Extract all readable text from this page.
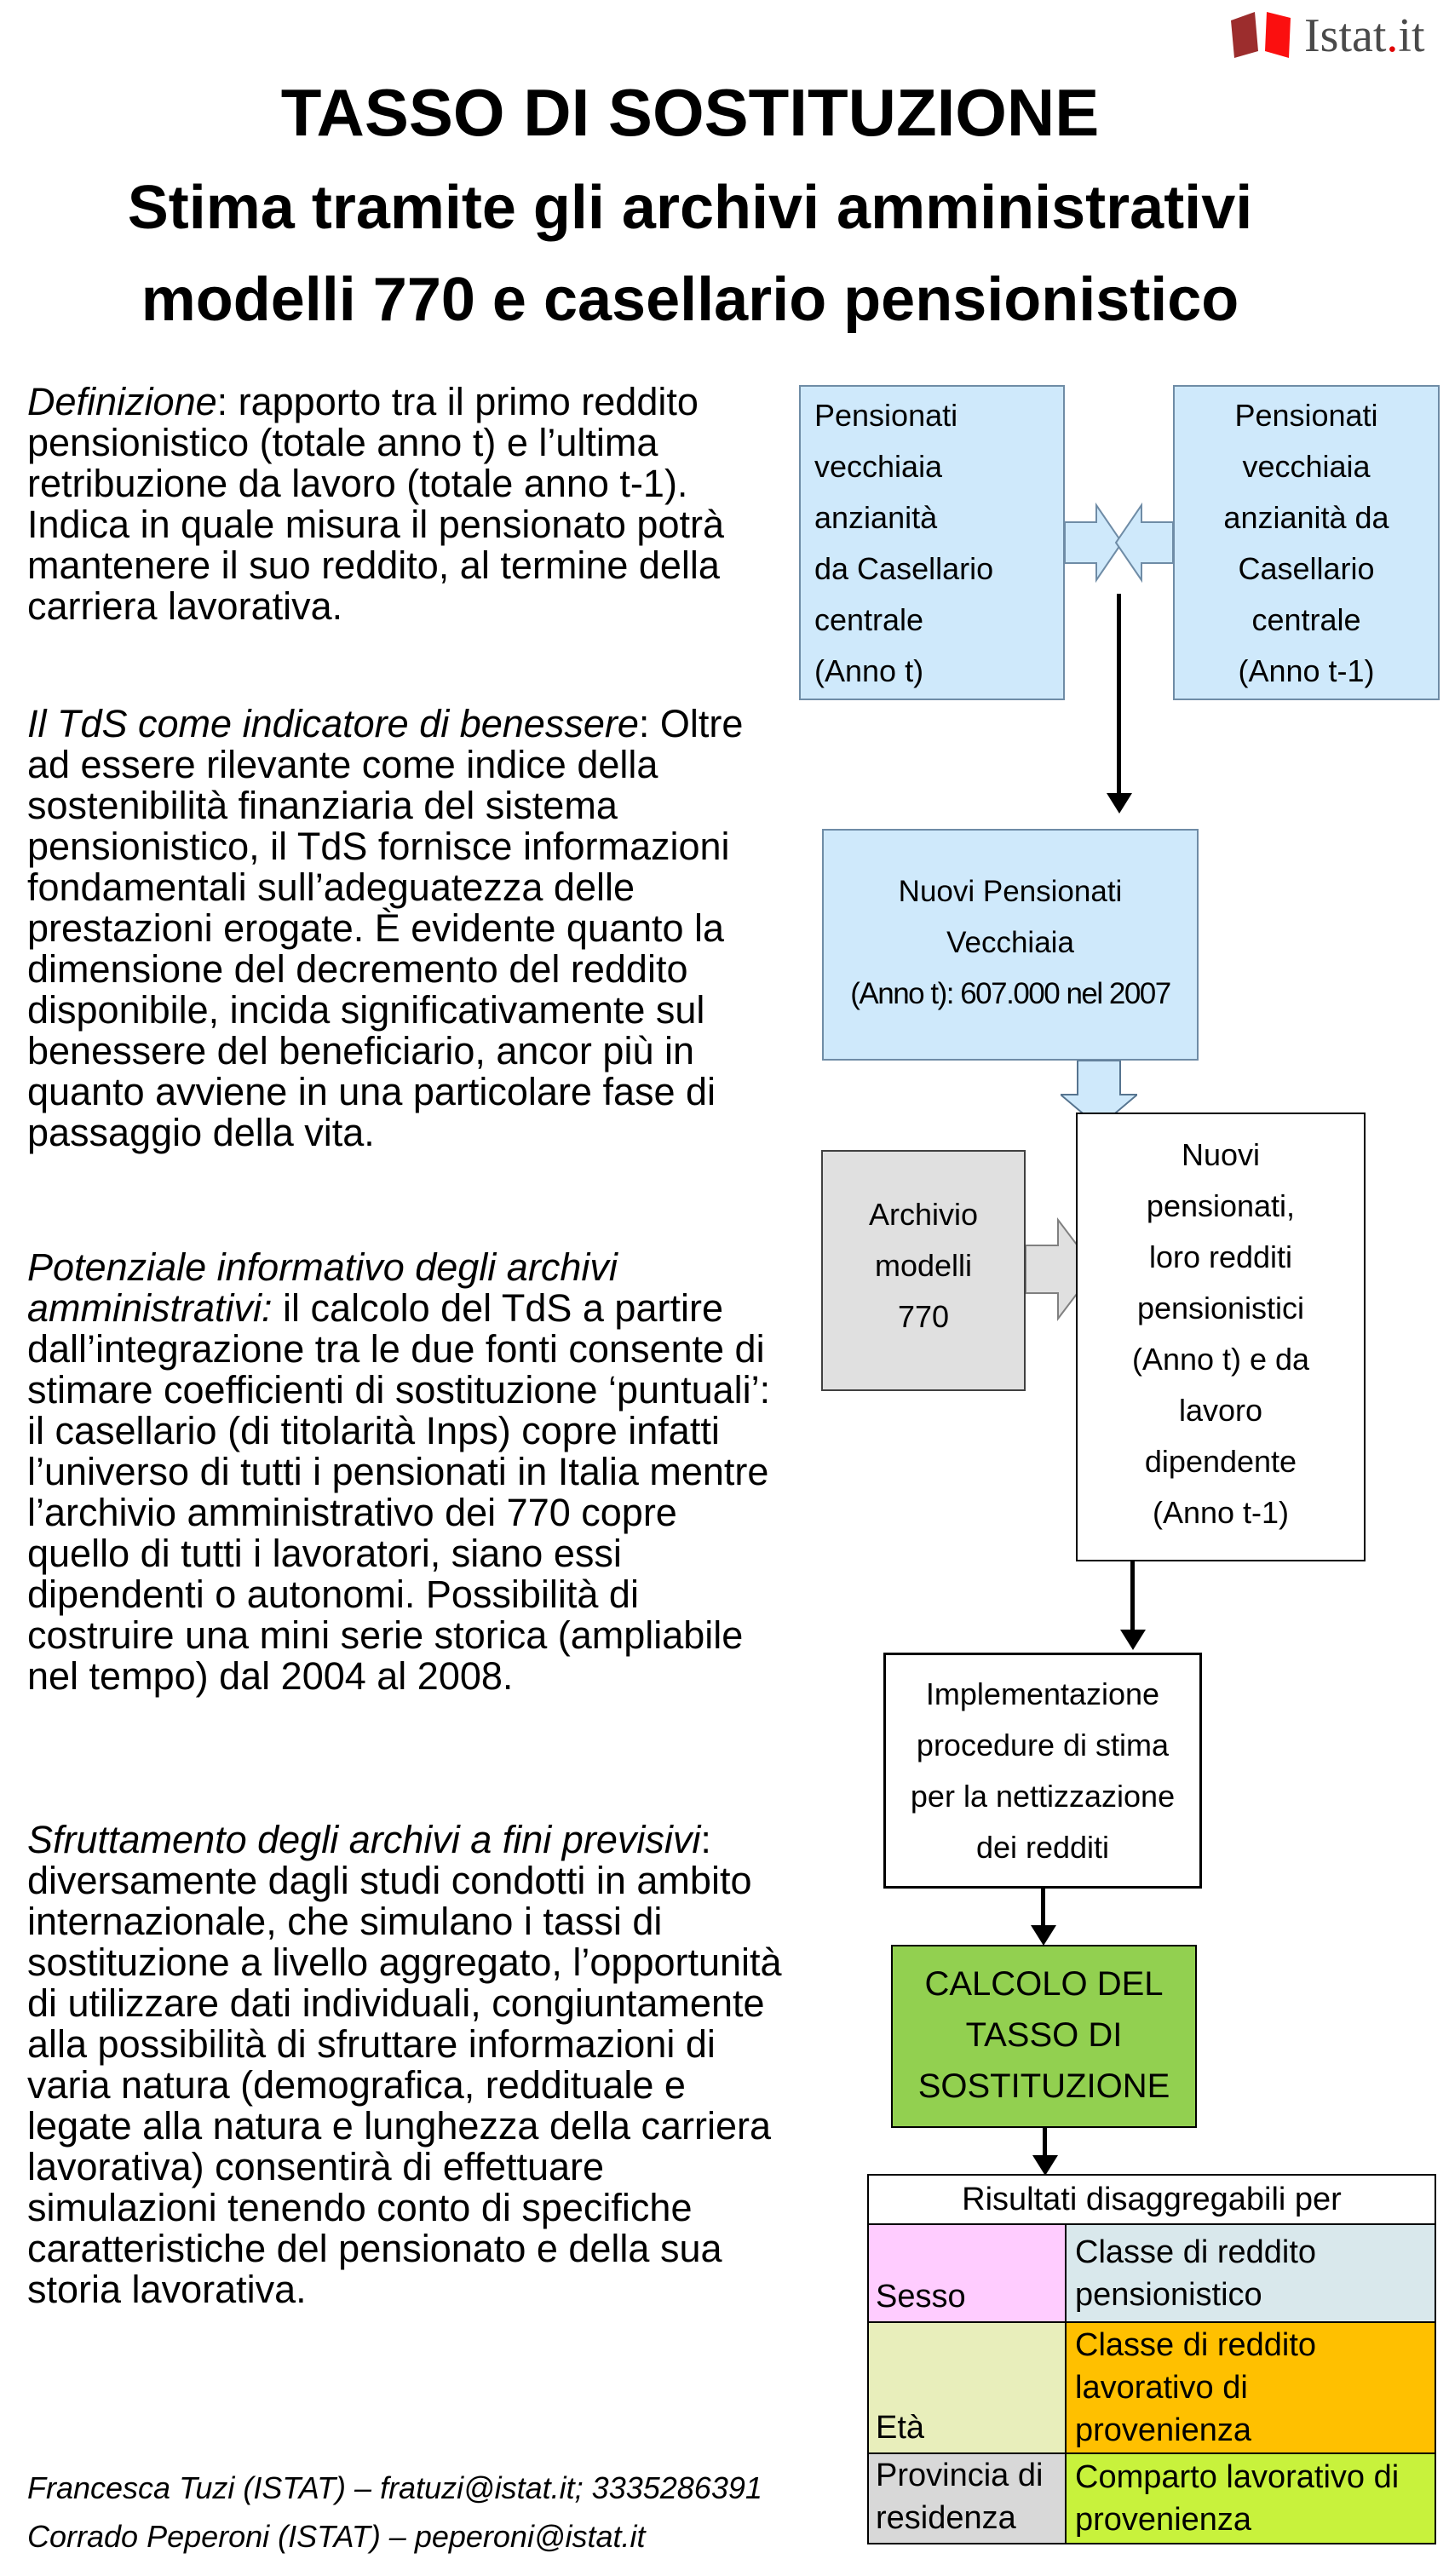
Istat.it
TASSO DI SOSTITUZIONE
Stima tramite gli archivi amministrativi
modelli 770 e casellario pensionistico
Definizione: rapporto tra il primo reddito pensionistico (totale anno t) e l’ultima retribuzione da lavoro (totale anno t-1). Indica in quale misura il pensionato potrà mantenere il suo reddito, al termine della carriera lavorativa.
Il TdS come indicatore di benessere: Oltre ad essere rilevante come indice della sostenibilità finanziaria del sistema pensionistico, il TdS fornisce informazioni fondamentali sull’adeguatezza delle prestazioni erogate. È evidente quanto la dimensione del decremento del reddito disponibile, incida significativamente sul benessere del beneficiario, ancor più in quanto avviene in una particolare fase di passaggio della vita.
Potenziale informativo degli archivi amministrativi: il calcolo del TdS a partire dall’integrazione tra le due fonti consente di stimare coefficienti di sostituzione ‘puntuali’: il casellario (di titolarità Inps) copre infatti l’universo di tutti i pensionati in Italia mentre l’archivio amministrativo dei 770 copre quello di tutti i lavoratori, siano essi dipendenti o autonomi. Possibilità di costruire una mini serie storica (ampliabile nel tempo) dal 2004 al 2008.
Sfruttamento degli archivi a fini previsivi: diversamente dagli studi condotti in ambito internazionale, che simulano i tassi di sostituzione a livello aggregato, l’opportunità di utilizzare dati individuali, congiuntamente alla possibilità di sfruttare informazioni di varia natura (demografica, reddituale e legate alla natura e lunghezza della carriera lavorativa) consentirà di effettuare simulazioni tenendo conto di specifiche caratteristiche del pensionato e della sua storia lavorativa.
Pensionati
vecchiaia
anzianità
da Casellario
centrale
(Anno t)
Pensionati
vecchiaia
anzianità da
Casellario
centrale
(Anno t-1)
Nuovi Pensionati
Vecchiaia
(Anno t): 607.000 nel 2007
Archivio
modelli
770
Nuovi
pensionati,
loro redditi
pensionistici
(Anno t) e da
lavoro
dipendente
(Anno t-1)
Implementazione
procedure di stima
per la nettizzazione
dei redditi
CALCOLO DEL
TASSO DI
SOSTITUZIONE
Risultati disaggregabili per
Sesso
Classe di reddito pensionistico
Età
Classe di reddito lavorativo di provenienza
Provincia di residenza
Comparto lavorativo di provenienza
Francesca Tuzi (ISTAT) – fratuzi@istat.it; 3335286391
Corrado Peperoni (ISTAT) – peperoni@istat.it
